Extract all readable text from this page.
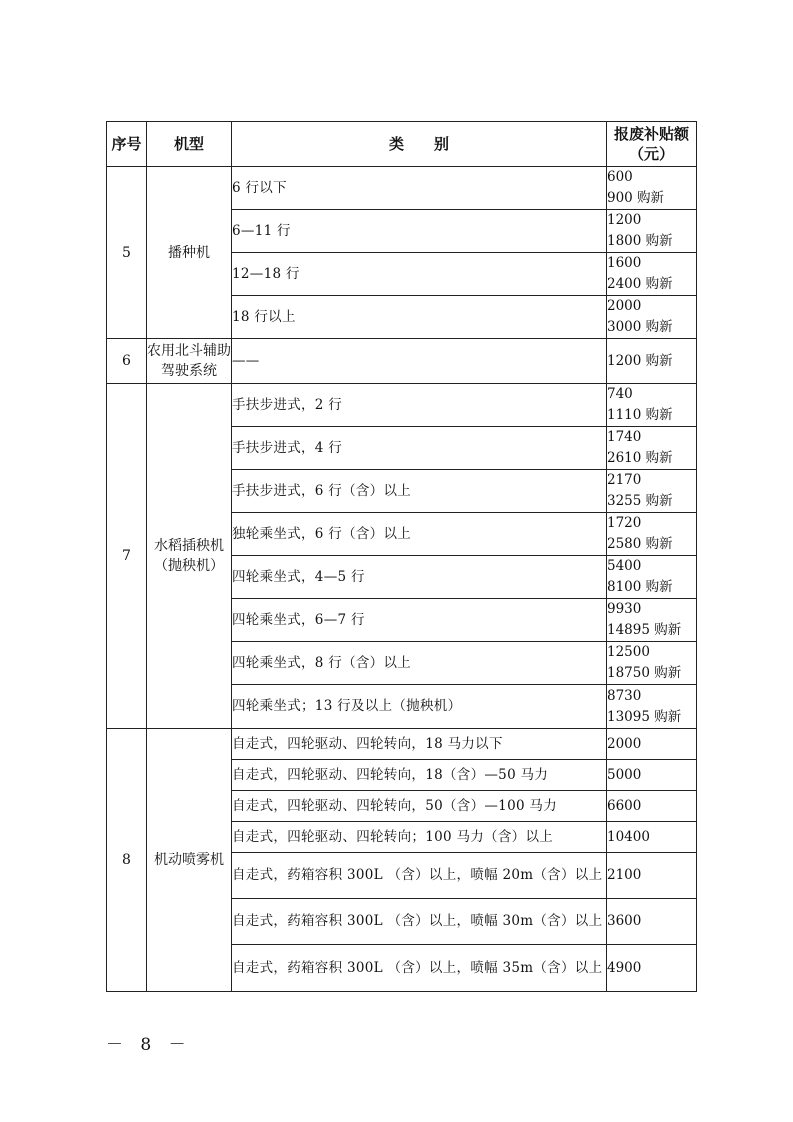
序号	机型	类　　别	报废补贴额
（元）

5	播种机	6 行以下	600
900 购新

		6—11 行	1200
1800 购新

		12—18 行	1600
2400 购新

		18 行以上	2000
3000 购新

6	农用北斗辅助驾驶系统	——	1200 购新

7	水稻插秧机（抛秧机）	手扶步进式，2 行	740
1110 购新

		手扶步进式，4 行	1740
2610 购新

		手扶步进式，6 行（含）以上	2170
3255 购新

		独轮乘坐式，6 行（含）以上	1720
2580 购新

		四轮乘坐式，4—5 行	5400
8100 购新

		四轮乘坐式，6—7 行	9930
14895 购新

		四轮乘坐式，8 行（含）以上	12500
18750 购新

		四轮乘坐式；13 行及以上（抛秧机）	8730
13095 购新

8	机动喷雾机	自走式，四轮驱动、四轮转向，18 马力以下	2000

		自走式，四轮驱动、四轮转向，18（含）—50 马力	5000

		自走式，四轮驱动、四轮转向，50（含）—100 马力	6600

		自走式，四轮驱动、四轮转向；100 马力（含）以上	10400

		自走式，药箱容积 300L （含）以上，喷幅 20m（含）以上	2100

		自走式，药箱容积 300L （含）以上，喷幅 30m（含）以上	3600

		自走式，药箱容积 300L （含）以上，喷幅 35m（含）以上	4900
－ 8 －
